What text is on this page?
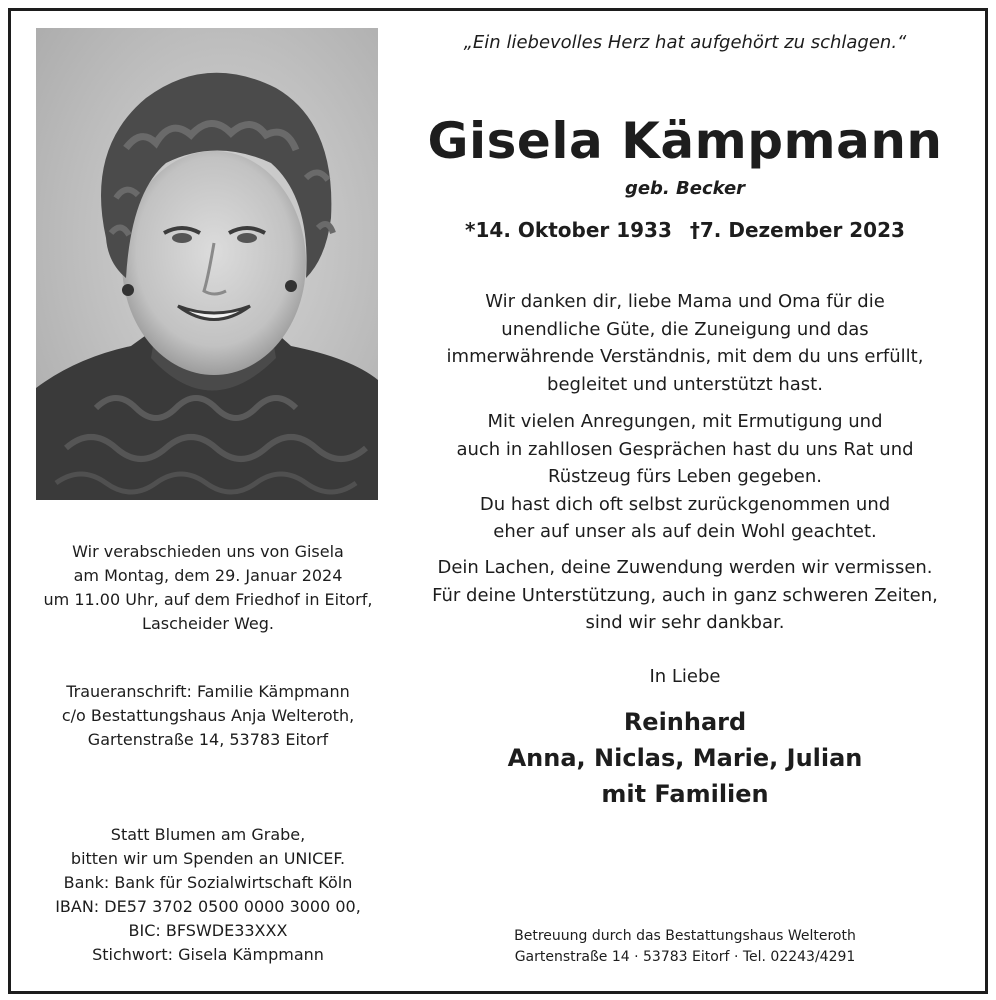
„Ein liebevolles Herz hat aufgehört zu schlagen.“
Gisela Kämpmann
geb. Becker
*14. Oktober 1933 †7. Dezember 2023
Wir danken dir, liebe Mama und Oma für die
unendliche Güte, die Zuneigung und das
immerwährende Verständnis, mit dem du uns erfüllt,
begleitet und unterstützt hast.
Mit vielen Anregungen, mit Ermutigung und
auch in zahllosen Gesprächen hast du uns Rat und
Rüstzeug fürs Leben gegeben.
Du hast dich oft selbst zurückgenommen und
eher auf unser als auf dein Wohl geachtet.
Dein Lachen, deine Zuwendung werden wir vermissen.
Für deine Unterstützung, auch in ganz schweren Zeiten,
sind wir sehr dankbar.
In Liebe
Reinhard
Anna, Niclas, Marie, Julian
mit Familien
Betreuung durch das Bestattungshaus Welteroth
Gartenstraße 14 · 53783 Eitorf · Tel. 02243/4291
Wir verabschieden uns von Gisela
am Montag, dem 29. Januar 2024
um 11.00 Uhr, auf dem Friedhof in Eitorf,
Lascheider Weg.
Traueranschrift: Familie Kämpmann
c/o Bestattungshaus Anja Welteroth,
Gartenstraße 14, 53783 Eitorf
Statt Blumen am Grabe,
bitten wir um Spenden an UNICEF.
Bank: Bank für Sozialwirtschaft Köln
IBAN: DE57 3702 0500 0000 3000 00,
BIC: BFSWDE33XXX
Stichwort: Gisela Kämpmann
